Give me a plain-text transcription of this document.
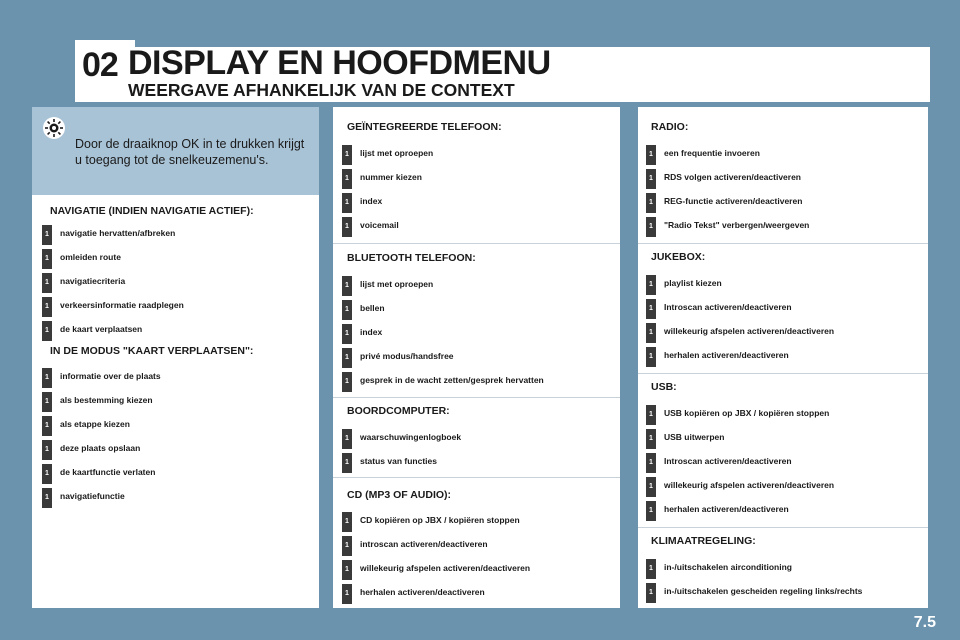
02 DISPLAY EN HOOFDMENU
WEERGAVE AFHANKELIJK VAN DE CONTEXT
Door de draaiknop OK in te drukken krijgt u toegang tot de snelkeuzemenu's.
NAVIGATIE (INDIEN NAVIGATIE ACTIEF):
1	navigatie hervatten/afbreken
1	omleiden route
1	navigatiecriteria
1	verkeersinformatie raadplegen
1	de kaart verplaatsen
IN DE MODUS "KAART VERPLAATSEN":
1	informatie over de plaats
1	als bestemming kiezen
1	als etappe kiezen
1	deze plaats opslaan
1	de kaartfunctie verlaten
1	navigatiefunctie
GEÏNTEGREERDE TELEFOON:
1	lijst met oproepen
1	nummer kiezen
1	index
1	voicemail
BLUETOOTH TELEFOON:
1	lijst met oproepen
1	bellen
1	index
1	privé modus/handsfree
1	gesprek in de wacht zetten/gesprek hervatten
BOORDCOMPUTER:
1	waarschuwingenlogboek
1	status van functies
CD (MP3 OF AUDIO):
1	CD kopiëren op JBX / kopiëren stoppen
1	introscan activeren/deactiveren
1	willekeurig afspelen activeren/deactiveren
1	herhalen activeren/deactiveren
RADIO:
1	een frequentie invoeren
1	RDS volgen activeren/deactiveren
1	REG-functie activeren/deactiveren
1	"Radio Tekst" verbergen/weergeven
JUKEBOX:
1	playlist kiezen
1	Introscan activeren/deactiveren
1	willekeurig afspelen activeren/deactiveren
1	herhalen activeren/deactiveren
USB:
1	USB kopiëren op JBX / kopiëren stoppen
1	USB uitwerpen
1	Introscan activeren/deactiveren
1	willekeurig afspelen activeren/deactiveren
1	herhalen activeren/deactiveren
KLIMAATREGELING:
1	in-/uitschakelen airconditioning
1	in-/uitschakelen gescheiden regeling links/rechts
7.5
